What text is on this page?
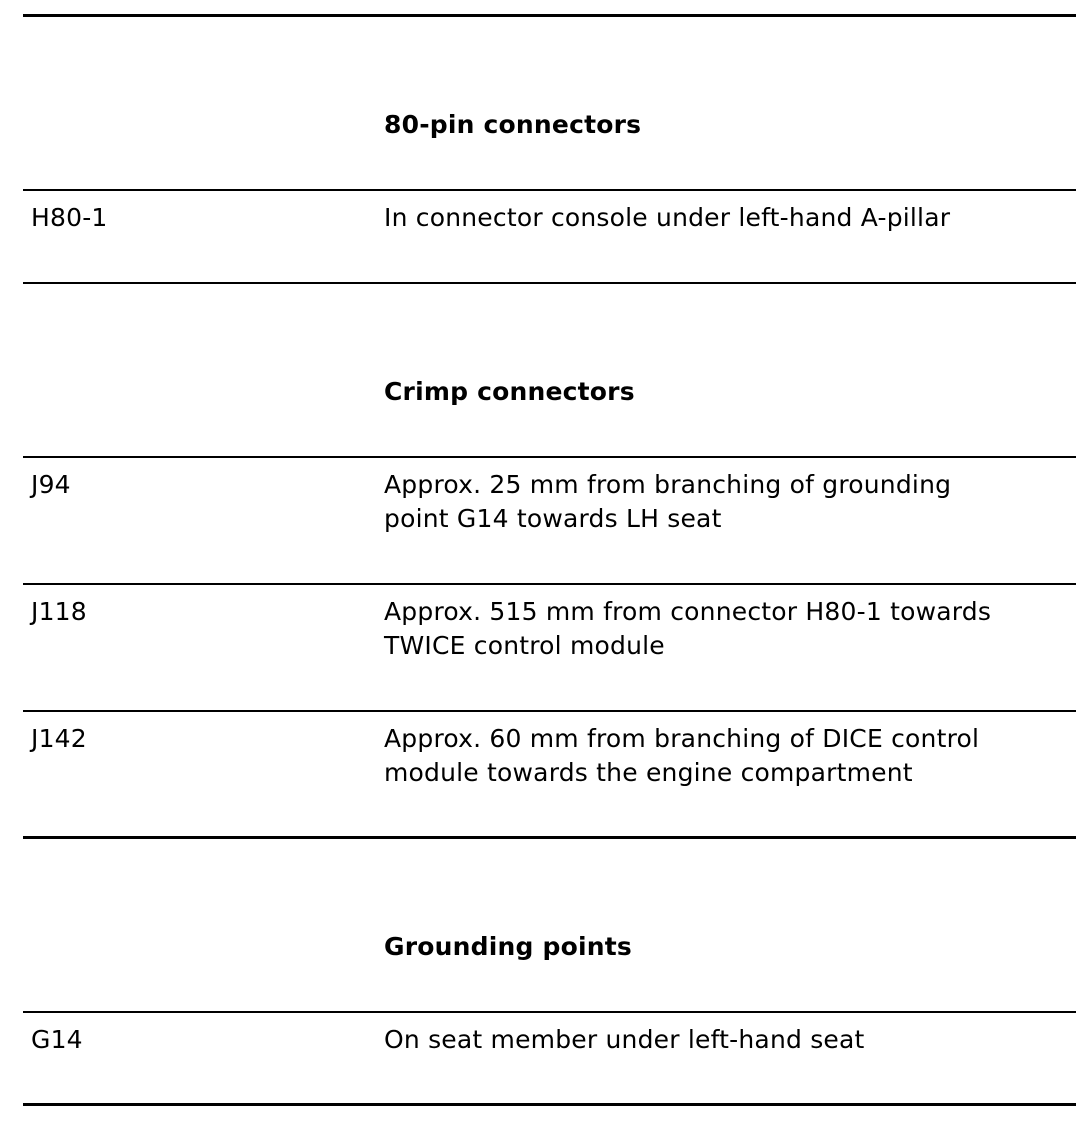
80-pin connectors
H80-1	In connector console under left-hand A-pillar
Crimp connectors
J94	Approx. 25 mm from branching of grounding
point G14 towards LH seat
J118	Approx. 515 mm from connector H80-1 towards
TWICE control module
J142	Approx. 60 mm from branching of DICE control
module towards the engine compartment
Grounding points
G14	On seat member under left-hand seat
